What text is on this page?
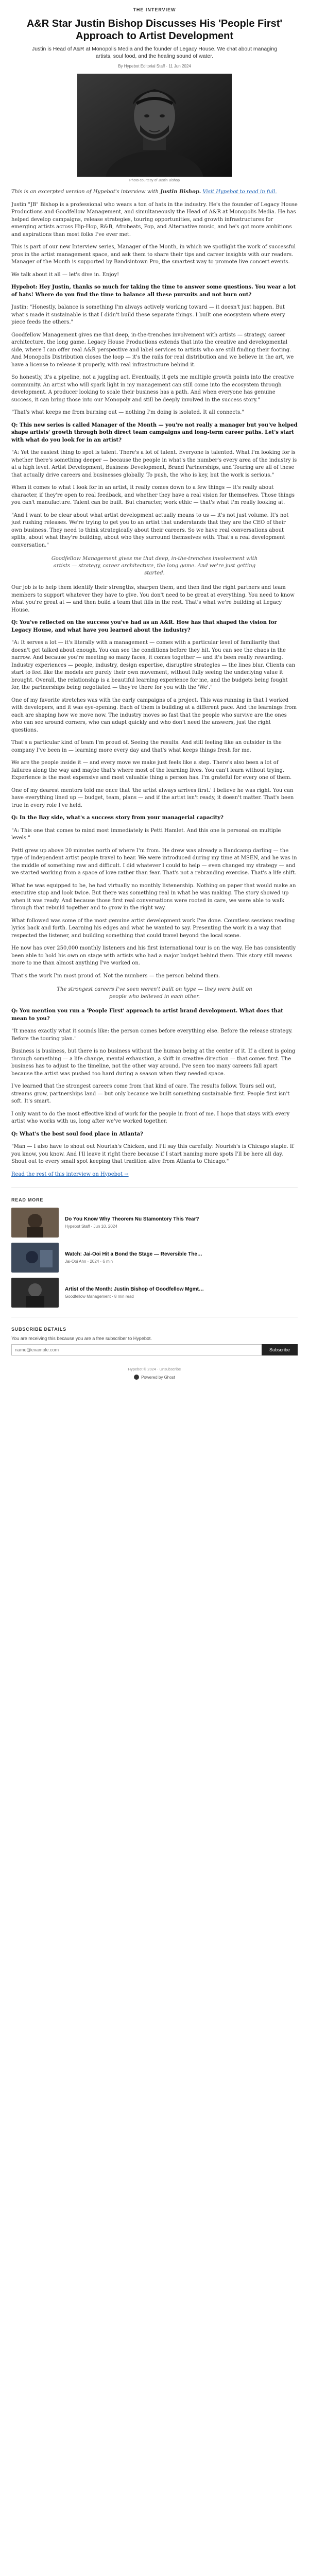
THE INTERVIEW
A&R Star Justin Bishop Discusses His 'People First' Approach to Artist Development
Justin is Head of A&R at Monopolis Media and the founder of Legacy House. We chat about managing artists, soul food, and the healing sound of water.
By Hypebot Editorial Staff · 11 Jun 2024
Photo courtesy of Justin Bishop

This is an excerpted version of Hypebot's interview with Justin Bishop. Visit Hypebot to read in full.

Justin "JB" Bishop is a professional who wears a ton of hats in the industry. He's the founder of Legacy House Productions and Goodfellow Management, and simultaneously the Head of A&R at Monopolis Media. He has helped develop campaigns, release strategies, touring opportunities, and growth infrastructures for emerging artists across Hip-Hop, R&B, Afrobeats, Pop, and Alternative music, and he's got more ambitions and aspirations than most folks I've ever met.

This is part of our new Interview series, Manager of the Month, in which we spotlight the work of successful pros in the artist management space, and ask them to share their tips and career insights with our readers. Manager of the Month is supported by Bandsintown Pro, the smartest way to promote live concert events.

We talk about it all — let's dive in. Enjoy!

Hypebot: Hey Justin, thanks so much for taking the time to answer some questions. You wear a lot of hats! Where do you find the time to balance all these pursuits and not burn out?

Justin: "Honestly, balance is something I'm always actively working toward — it doesn't just happen. But what's made it sustainable is that I didn't build these separate things. I built one ecosystem where every piece feeds the others."

Goodfellow Management gives me that deep, in-the-trenches involvement with artists — strategy, career architecture, the long game. Legacy House Productions extends that into the creative and developmental side, where I can offer real A&R perspective and label services to artists who are still finding their footing. And Monopolis Distribution closes the loop — it's the rails for real distribution and we believe in the art, we have a license to release it properly, with real infrastructure behind it.

So honestly, it's a pipeline, not a juggling act. Eventually, it gets me multiple growth points into the creative community. An artist who will spark light in my management can still come into the ecosystem through development. A producer looking to scale their business has a path. And when everyone has genuine success, it can bring those into our Monopoly and still be deeply involved in the success story."

"That's what keeps me from burning out — nothing I'm doing is isolated. It all connects."

Q: This new series is called Manager of the Month — you're not really a manager but you've helped shape artists' growth through both direct team campaigns and long-term career paths. Let's start with what do you look for in an artist?

"A: Yet the easiest thing to spot is talent. There's a lot of talent. Everyone is talented. What I'm looking for is whether there's something deeper — because the people in what's the number's every area of the industry is at a high level. Artist Development, Business Development, Brand Partnerships, and Touring are all of these that actually drive careers and businesses globally. To push, the who is key, but the work is serious."

When it comes to what I look for in an artist, it really comes down to a few things — it's really about character, if they're open to real feedback, and whether they have a real vision for themselves. Those things you can't manufacture. Talent can be built. But character, work ethic — that's what I'm really looking at.

"And I want to be clear about what artist development actually means to us — it's not just volume. It's not just rushing releases. We're trying to get you to an artist that understands that they are the CEO of their own business. They need to think strategically about their careers. So we have real conversations about splits, about what they're building, about who they surround themselves with. That's a real development conversation."

Goodfellow Management gives me that deep, in-the-trenches involvement with artists — strategy, career architecture, the long game. And we're just getting started.

Our job is to help them identify their strengths, sharpen them, and then find the right partners and team members to support whatever they have to give. You don't need to be great at everything. You need to know what you're great at — and then build a team that fills in the rest. That's what we're building at Legacy House.

Q: You've reflected on the success you've had as an A&R. How has that shaped the vision for Legacy House, and what have you learned about the industry?

"A: It serves a lot — it's literally with a management — comes with a particular level of familiarity that doesn't get talked about enough. You can see the conditions before they hit. You can see the chaos in the narrow. And because you're meeting so many faces, it comes together — and it's been really rewarding. Industry experiences — people, industry, design expertise, disruptive strategies — the lines blur. Clients can start to feel like the models are purely their own movement, without fully seeing the underlying value it brought. Overall, the relationship is a beautiful learning experience for me, and the budgets being fought for, the partnerships being negotiated — they're there for you with the 'We'."

One of my favorite stretches was with the early campaigns of a project. This was running in that I worked with developers, and it was eye-opening. Each of them is building at a different pace. And the learnings from each are shaping how we move now. The industry moves so fast that the people who survive are the ones who can see around corners, who can adapt quickly and who don't need the answers, just the right questions.

That's a particular kind of team I'm proud of. Seeing the results. And still feeling like an outsider in the company I've been in — learning more every day and that's what keeps things fresh for me.

We are the people inside it — and every move we make just feels like a step. There's also been a lot of failures along the way and maybe that's where most of the learning lives. You can't learn without trying. Experience is the most expensive and most valuable thing a person has. I'm grateful for every one of them.

One of my dearest mentors told me once that 'the artist always arrives first.' I believe he was right. You can have everything lined up — budget, team, plans — and if the artist isn't ready, it doesn't matter. That's been true in every role I've held.

Q: In the Bay side, what's a success story from your managerial capacity?

"A: This one that comes to mind most immediately is Petti Hamlet. And this one is personal on multiple levels."

Petti grew up above 20 minutes north of where I'm from. He drew was already a Bandcamp darling — the type of independent artist people travel to hear. We were introduced during my time at MSEN, and he was in the middle of something raw and difficult. I did whatever I could to help — even changed my strategy — and we started working from a space of love rather than fear. That's not a rebranding exercise. That's a life shift.

What he was equipped to be, he had virtually no monthly listenership. Nothing on paper that would make an executive stop and look twice. But there was something real in what he was making. The story showed up when it was ready. And because those first real conversations were rooted in care, we were able to walk through that rebuild together and to grow in the right way.

What followed was some of the most genuine artist development work I've done. Countless sessions reading lyrics back and forth. Learning his edges and what he wanted to say. Presenting the work in a way that respected the listener, and building something that could travel beyond the local scene.

He now has over 250,000 monthly listeners and his first international tour is on the way. He has consistently been able to hold his own on stage with artists who had a major budget behind them. This story still means more to me than almost anything I've worked on.

That's the work I'm most proud of. Not the numbers — the person behind them.

The strongest careers I've seen weren't built on hype — they were built on people who believed in each other.

Q: You mention you run a 'People First' approach to artist brand development. What does that mean to you?

"It means exactly what it sounds like: the person comes before everything else. Before the release strategy. Before the touring plan."

Business is business, but there is no business without the human being at the center of it. If a client is going through something — a life change, mental exhaustion, a shift in creative direction — that comes first. The business has to adjust to the timeline, not the other way around. I've seen too many careers fall apart because the artist was pushed too hard during a season when they needed space.

I've learned that the strongest careers come from that kind of care. The results follow. Tours sell out, streams grow, partnerships land — but only because we built something sustainable first. People first isn't soft. It's smart.

I only want to do the most effective kind of work for the people in front of me. I hope that stays with every artist who works with us, long after we've worked together.

Q: What's the best soul food place in Atlanta?

"Man — I also have to shout out Nourish's Chicken, and I'll say this carefully: Nourish's is Chicago staple. If you know, you know. And I'll leave it right there because if I start naming more spots I'll be here all day. Shout out to every small spot keeping that tradition alive from Atlanta to Chicago."

Read the rest of this interview on Hypebot →

READ MORE
Do You Know Why Theorem Nu Stamontory This Year?
Hypebot Staff · Jun 10, 2024
Watch: Jai-Ooi Hit a Bond the Stage — Reversible The…
Jai-Ooi Ahn · 2024 · 6 min
Artist of the Month: Justin Bishop of Goodfellow Mgmt…
Goodfellow Management · 8 min read
SUBSCRIBE DETAILS
You are receiving this because you are a free subscriber to Hypebot.
name@example.com
Subscribe
Hypebot © 2024 · Unsubscribe
Powered by Ghost
